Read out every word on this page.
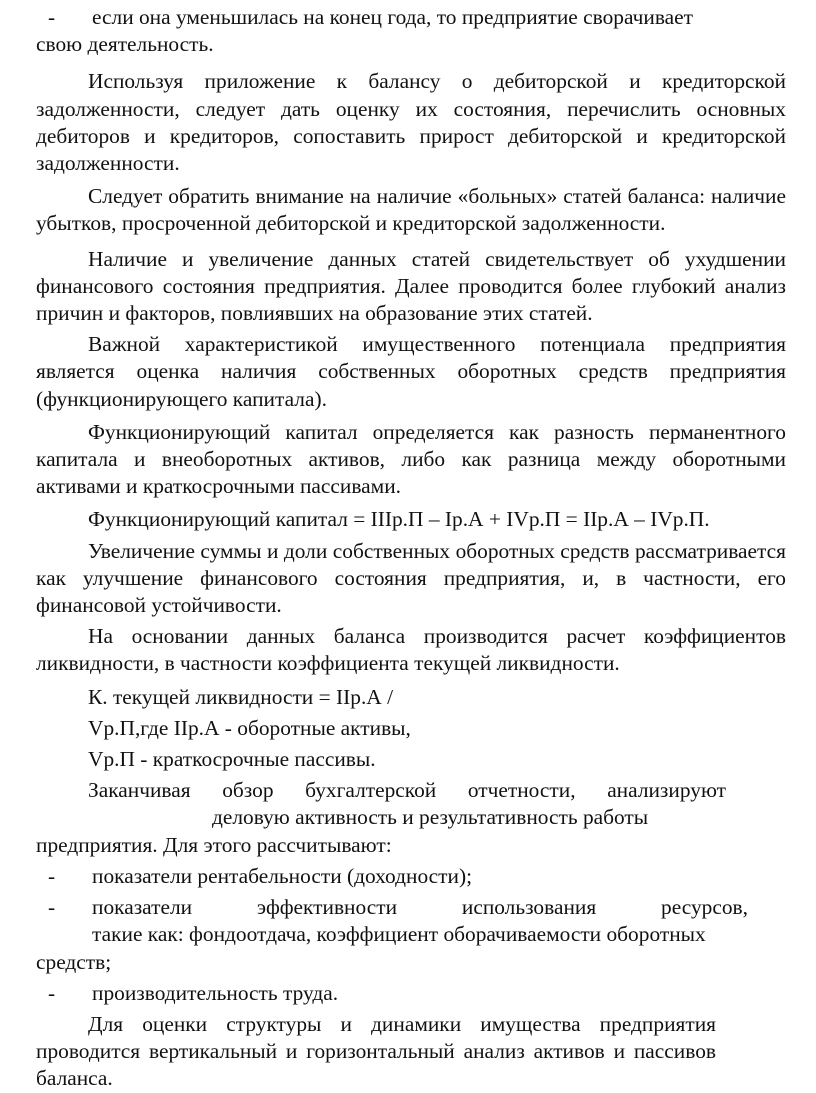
- если она уменьшилась на конец года, то предприятие сворачивает

свою деятельность.

Используя приложение к балансу о дебиторской и кредиторской задолженности, следует дать оценку их состояния, перечислить основных дебиторов и кредиторов, сопоставить прирост дебиторской и кредиторской задолженности.

Следует обратить внимание на наличие «больных» статей баланса: наличие убытков, просроченной дебиторской и кредиторской задолженности.

Наличие и увеличение данных статей свидетельствует об ухудшении финансового состояния предприятия. Далее проводится более глубокий анализ причин и факторов, повлиявших на образование этих статей.

Важной характеристикой имущественного потенциала предприятия является оценка наличия собственных оборотных средств предприятия (функционирующего капитала).

Функционирующий капитал определяется как разность перманентного капитала и внеоборотных активов, либо как разница между оборотными активами и краткосрочными пассивами.

Функционирующий капитал = IIIр.П – Iр.А + IVр.П = IIр.А – IVр.П.

Увеличение суммы и доли собственных оборотных средств рассматривается как улучшение финансового состояния предприятия, и, в частности, его финансовой устойчивости.

На основании данных баланса производится расчет коэффициентов ликвидности, в частности коэффициента текущей ликвидности.

К. текущей ликвидности = IIр.А /

Vр.П,где IIр.А - оборотные активы,

Vр.П - краткосрочные пассивы.

Заканчивая обзор бухгалтерской отчетности, анализируют

деловую активность и результативность работы

предприятия. Для этого рассчитывают:

- показатели рентабельности (доходности);

- показатели эффективности использования ресурсов,

такие как: фондоотдача, коэффициент оборачиваемости оборотных

средств;

- производительность труда.

Для оценки структуры и динамики имущества предприятия проводится вертикальный и горизонтальный анализ активов и пассивов баланса.
